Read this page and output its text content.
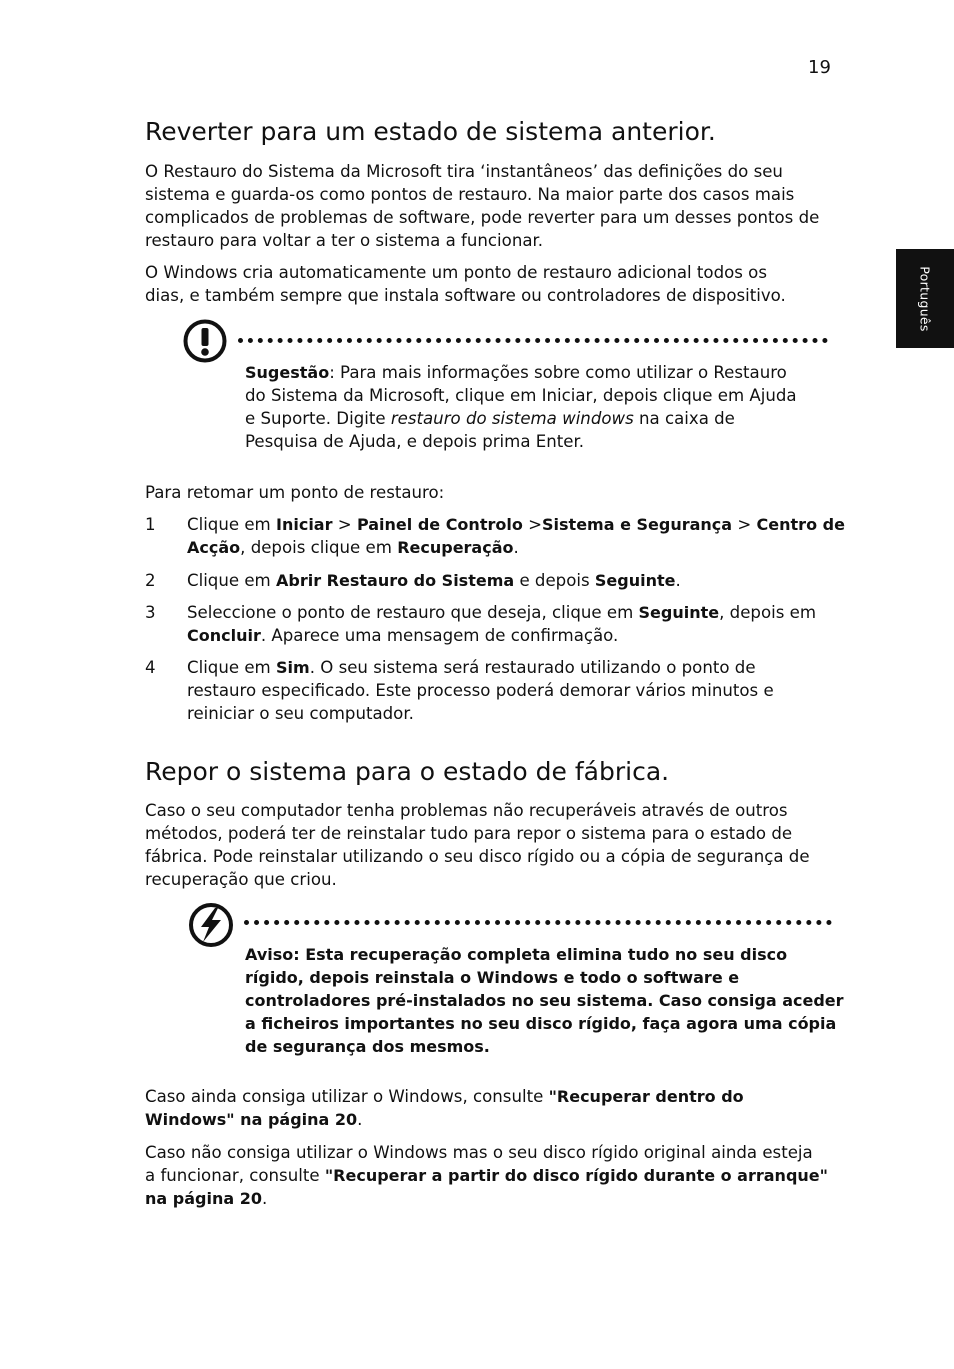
19
Português
Reverter para um estado de sistema anterior.

O Restauro do Sistema da Microsoft tira ‘instantâneos’ das definições do seu
sistema e guarda-os como pontos de restauro. Na maior parte dos casos mais
complicados de problemas de software, pode reverter para um desses pontos de
restauro para voltar a ter o sistema a funcionar.

O Windows cria automaticamente um ponto de restauro adicional todos os
dias, e também sempre que instala software ou controladores de dispositivo.

Sugestão: Para mais informações sobre como utilizar o Restauro
do Sistema da Microsoft, clique em Iniciar, depois clique em Ajuda
e Suporte. Digite restauro do sistema windows na caixa de
Pesquisa de Ajuda, e depois prima Enter.

Para retomar um ponto de restauro:

1 Clique em Iniciar > Painel de Controlo >Sistema e Segurança > Centro de
Acção, depois clique em Recuperação.

2 Clique em Abrir Restauro do Sistema e depois Seguinte.

3 Seleccione o ponto de restauro que deseja, clique em Seguinte, depois em
Concluir. Aparece uma mensagem de confirmação.

4 Clique em Sim. O seu sistema será restaurado utilizando o ponto de
restauro especificado. Este processo poderá demorar vários minutos e
reiniciar o seu computador.

Repor o sistema para o estado de fábrica.

Caso o seu computador tenha problemas não recuperáveis através de outros
métodos, poderá ter de reinstalar tudo para repor o sistema para o estado de
fábrica. Pode reinstalar utilizando o seu disco rígido ou a cópia de segurança de
recuperação que criou.

Aviso: Esta recuperação completa elimina tudo no seu disco
rígido, depois reinstala o Windows e todo o software e
controladores pré-instalados no seu sistema. Caso consiga aceder
a ficheiros importantes no seu disco rígido, faça agora uma cópia
de segurança dos mesmos.

Caso ainda consiga utilizar o Windows, consulte "Recuperar dentro do
Windows" na página 20.

Caso não consiga utilizar o Windows mas o seu disco rígido original ainda esteja
a funcionar, consulte "Recuperar a partir do disco rígido durante o arranque"
na página 20.
